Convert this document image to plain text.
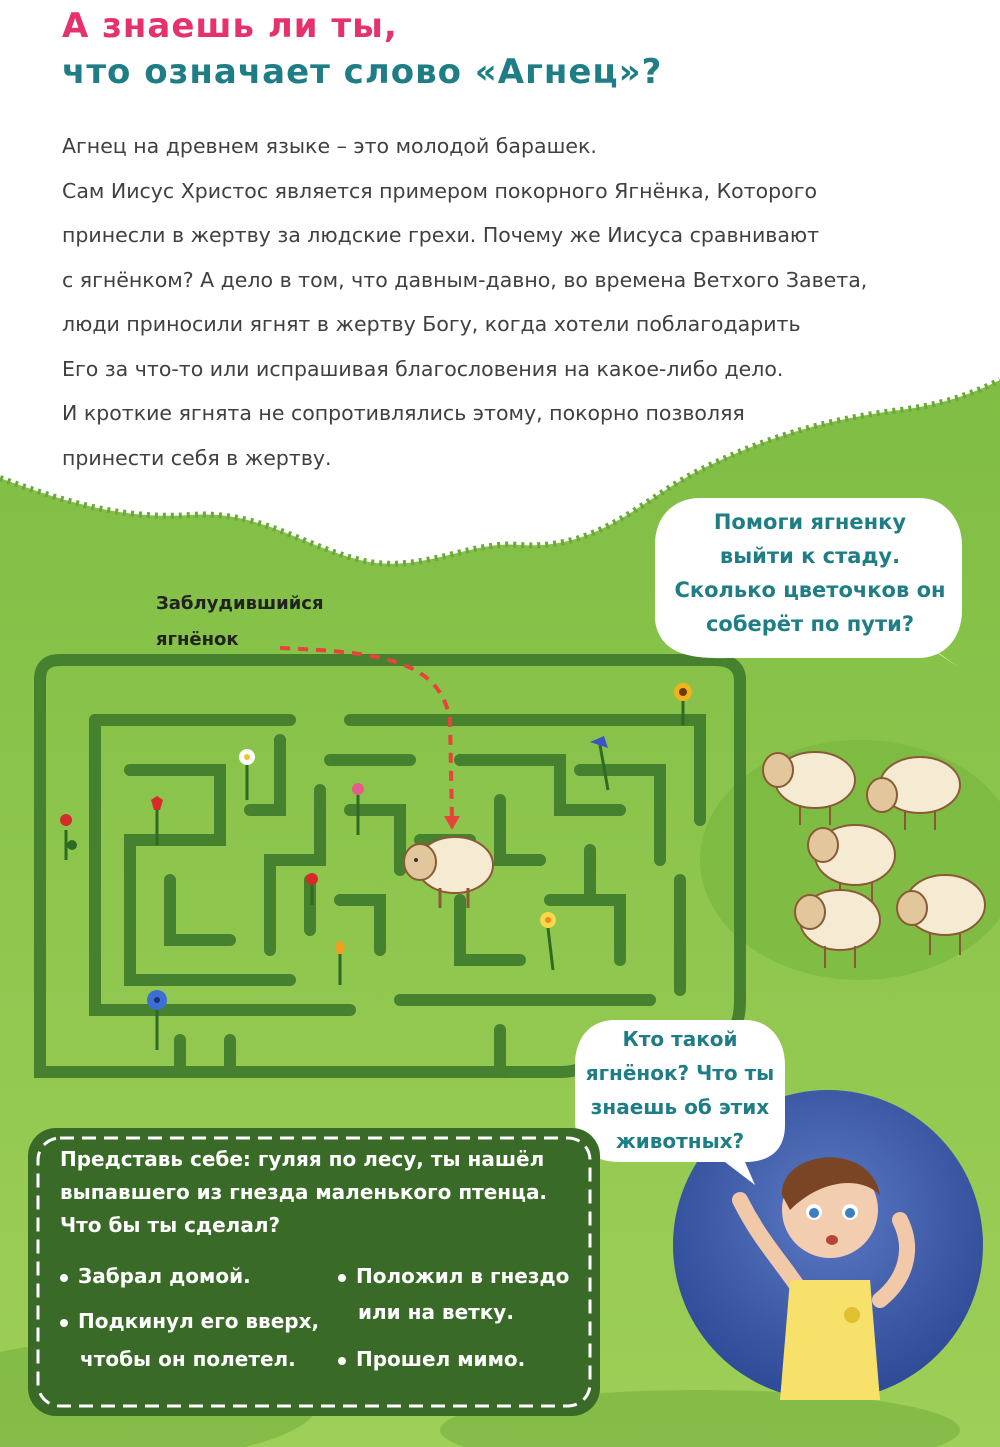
А знаешь ли ты,
что означает слово «Агнец»?
Агнец на древнем языке – это молодой барашек.
Сам Иисус Христос является примером покорного Ягнёнка, Которого
принесли в жертву за людские грехи. Почему же Иисуса сравнивают
с ягнёнком? А дело в том, что давным-давно, во времена Ветхого Завета,
люди приносили ягнят в жертву Богу, когда хотели поблагодарить
Его за что-то или испрашивая благословения на какое-либо дело.
И кроткие ягнята не сопротивлялись этому, покорно позволяя
принести себя в жертву.
Помоги ягненку
выйти к стаду.
Сколько цветочков он
соберёт по пути?
Заблудившийся
ягнёнок
Кто такой
ягнёнок? Что ты
знаешь об этих
животных?
Представь себе: гуляя по лесу, ты нашёл
выпавшего из гнезда маленького птенца.
Что бы ты сделал?
Забрал домой.
Подкинул его вверх,
чтобы он полетел.
Положил в гнездо
или на ветку.
Прошел мимо.
